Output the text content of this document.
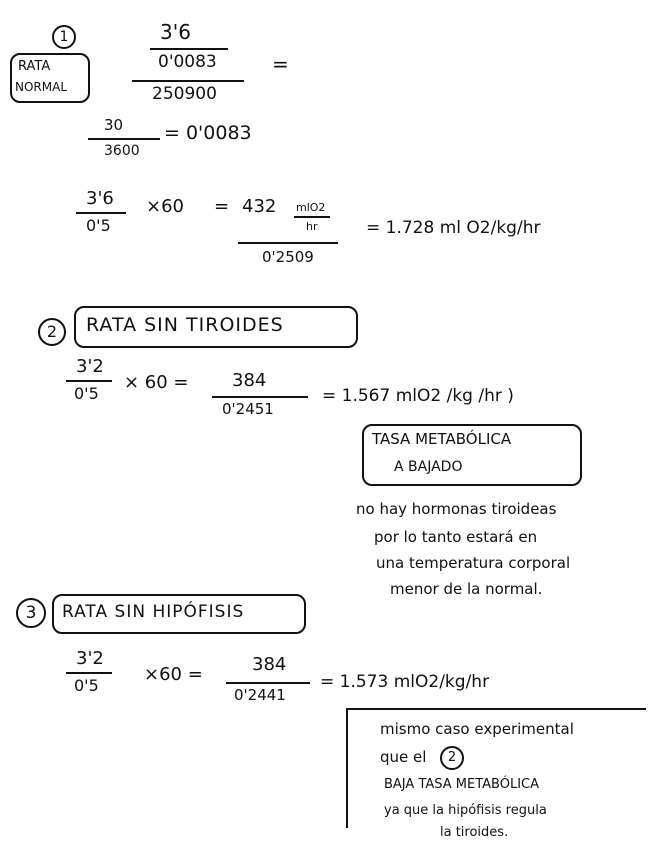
1
RATA
NORMAL
3'6
0'0083
250900
=
30
3600
= 0'0083
3'6
0'5
×60 = 432 mlO2
hr
0'2509
= 1.728 ml O2/kg/hr
2	RATA SIN TIROIDES
3'2
0'5
× 60 = 384
0'2451
= 1.567 mlO2 /kg /hr )
TASA METABÓLICA
A BAJADO
no hay hormonas tiroideas
por lo tanto estará en
una temperatura corporal
menor de la normal.
3	RATA SIN HIPÓFISIS
3'2
0'5
×60 =	384
0'2441
= 1.573 mlO2/kg/hr
mismo caso experimental
que el	2
BAJA TASA METABÓLICA
ya que la hipófisis regula
la tiroides.
